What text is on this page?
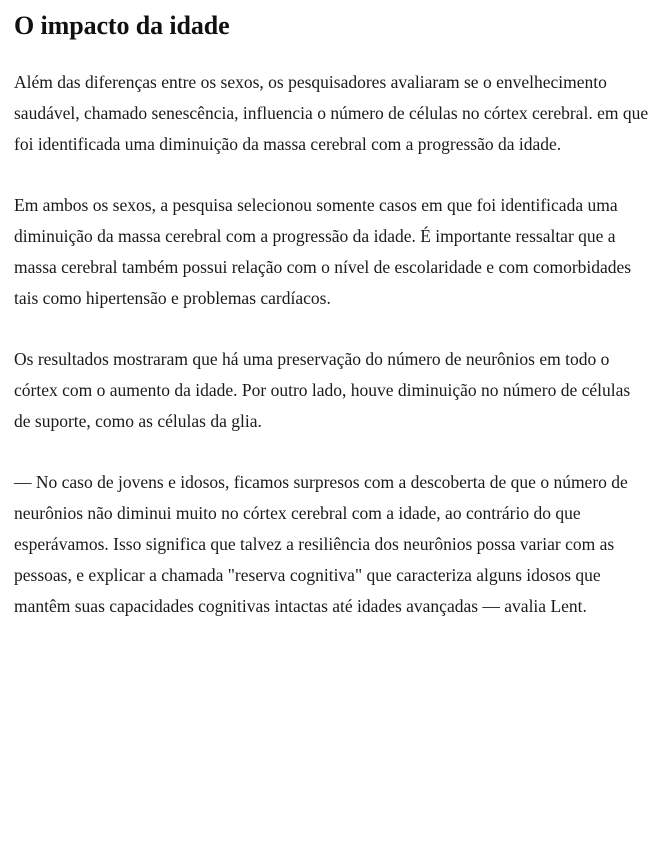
O impacto da idade

Além das diferenças entre os sexos, os pesquisadores avaliaram se o envelhecimento saudável, chamado senescência, influencia o número de células no córtex cerebral. em que foi identificada uma diminuição da massa cerebral com a progressão da idade.

Em ambos os sexos, a pesquisa selecionou somente casos em que foi identificada uma diminuição da massa cerebral com a progressão da idade. É importante ressaltar que a massa cerebral também possui relação com o nível de escolaridade e com comorbidades tais como hipertensão e problemas cardíacos.

Os resultados mostraram que há uma preservação do número de neurônios em todo o córtex com o aumento da idade. Por outro lado, houve diminuição no número de células de suporte, como as células da glia.

— No caso de jovens e idosos, ficamos surpresos com a descoberta de que o número de neurônios não diminui muito no córtex cerebral com a idade, ao contrário do que esperávamos. Isso significa que talvez a resiliência dos neurônios possa variar com as pessoas, e explicar a chamada "reserva cognitiva" que caracteriza alguns idosos que mantêm suas capacidades cognitivas intactas até idades avançadas — avalia Lent.
